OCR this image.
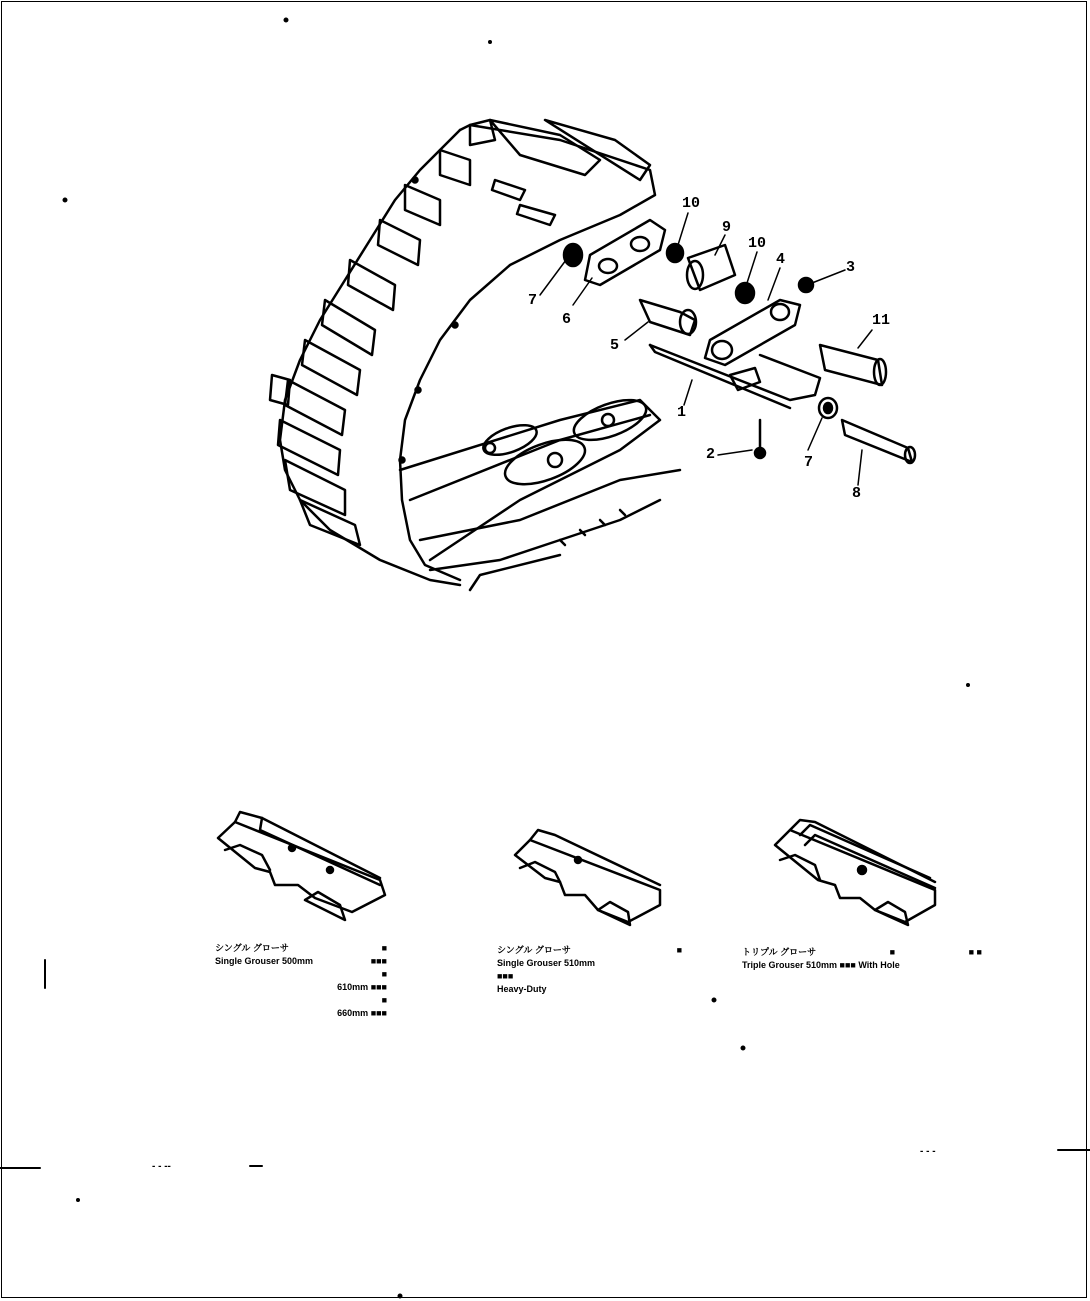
10
9
10
4	3
11
7
6
5
1
2	7
8
シングル グローサ	■
Single Grouser 500mm	■■■
■
610mm ■■■
■
660mm ■■■
シングル グローサ	■
Single Grouser 510mm
■■■
Heavy-Duty
トリプル グローサ	■	■ ■
Triple Grouser 510mm ■■■ With Hole
- - --
- - -
